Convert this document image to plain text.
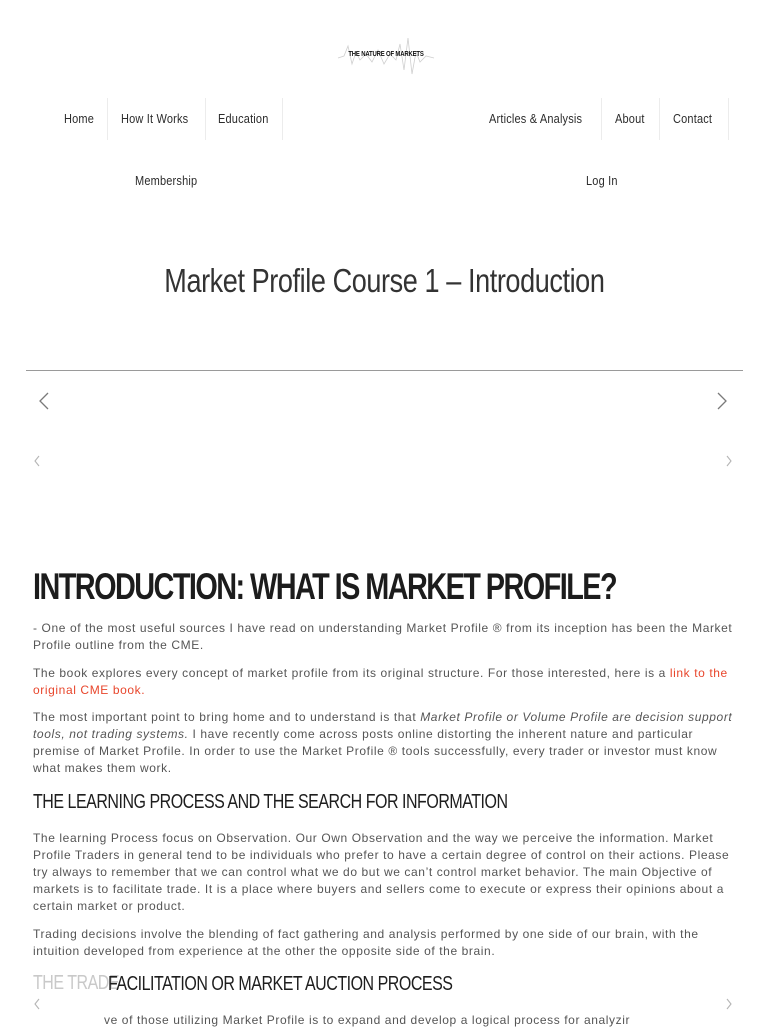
THE NATURE OF MARKETS
Home How It Works Education	Articles & Analysis	About Contact
Membership	Log In
Market Profile Course 1 – Introduction
INTRODUCTION: WHAT IS MARKET PROFILE?

- One of the most useful sources I have read on understanding Market Profile ® from its inception has been the Market Profile outline from the CME.

The book explores every concept of market profile from its original structure. For those interested, here is a link to the original CME book.

The most important point to bring home and to understand is that Market Profile or Volume Profile are decision support tools, not trading systems. I have recently come across posts online distorting the inherent nature and particular premise of Market Profile. In order to use the Market Profile ® tools successfully, every trader or investor must know what makes them work.

THE LEARNING PROCESS AND THE SEARCH FOR INFORMATION

The learning Process focus on Observation. Our Own Observation and the way we perceive the information. Market Profile Traders in general tend to be individuals who prefer to have a certain degree of control on their actions. Please try always to remember that we can control what we do but we can’t control market behavior. The main Objective of markets is to facilitate trade. It is a place where buyers and sellers come to execute or express their opinions about a certain market or product.

Trading decisions involve the blending of fact gathering and analysis performed by one side of our brain, with the intuition developed from experience at the other the opposite side of the brain.

THE TRADE
FACILITATION OR MARKET AUCTION PROCESS

ve of those utilizing Market Profile is to expand and develop a logical process for analyzir
